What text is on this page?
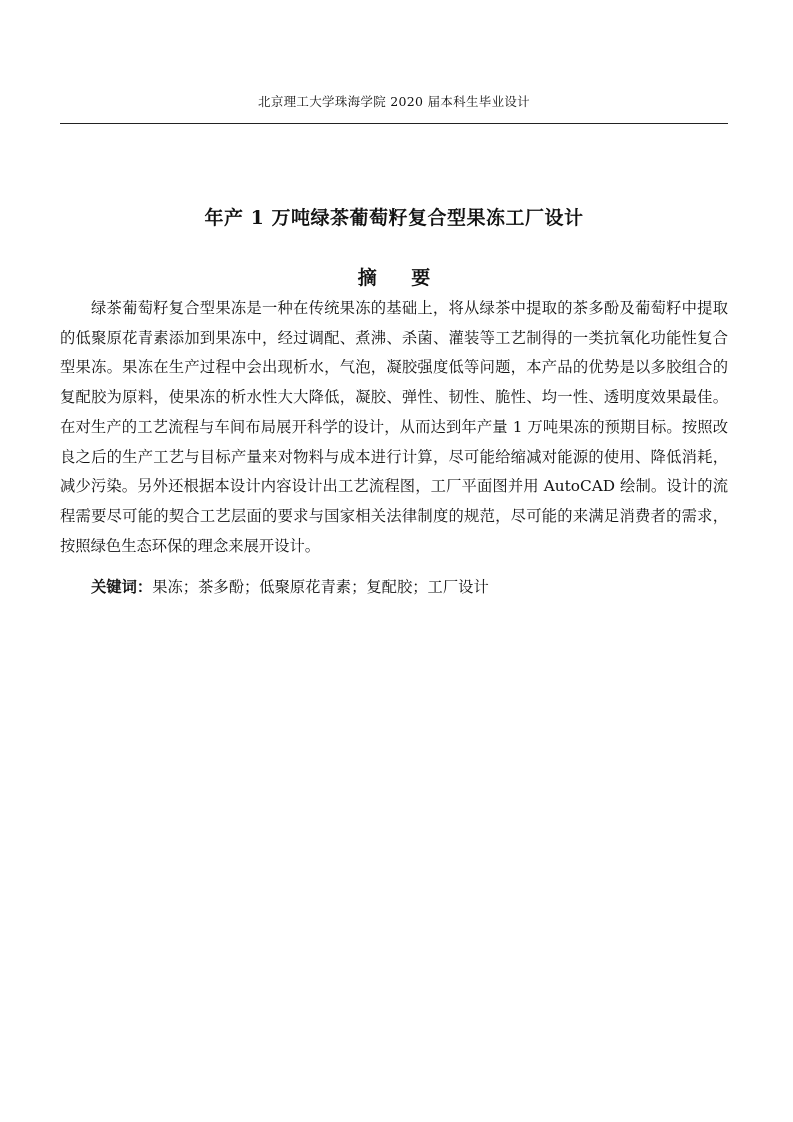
北京理工大学珠海学院 2020 届本科生毕业设计
年产 1 万吨绿茶葡萄籽复合型果冻工厂设计
摘 要

绿茶葡萄籽复合型果冻是一种在传统果冻的基础上，将从绿茶中提取的茶多酚及葡萄籽中提取的低聚原花青素添加到果冻中，经过调配、煮沸、杀菌、灌装等工艺制得的一类抗氧化功能性复合型果冻。果冻在生产过程中会出现析水，气泡，凝胶强度低等问题，本产品的优势是以多胶组合的复配胶为原料，使果冻的析水性大大降低，凝胶、弹性、韧性、脆性、均一性、透明度效果最佳。在对生产的工艺流程与车间布局展开科学的设计，从而达到年产量 1 万吨果冻的预期目标。按照改良之后的生产工艺与目标产量来对物料与成本进行计算，尽可能给缩减对能源的使用、降低消耗，减少污染。另外还根据本设计内容设计出工艺流程图，工厂平面图并用 AutoCAD 绘制。设计的流程需要尽可能的契合工艺层面的要求与国家相关法律制度的规范，尽可能的来满足消费者的需求，按照绿色生态环保的理念来展开设计。

关键词：果冻；茶多酚；低聚原花青素；复配胶；工厂设计
